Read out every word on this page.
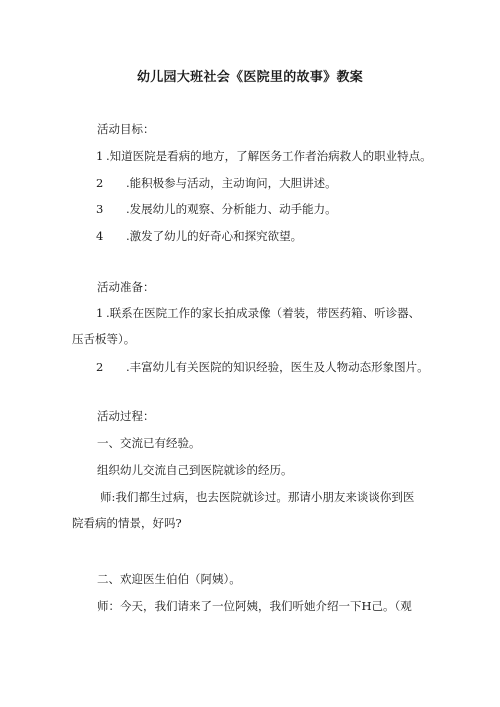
幼儿园大班社会《医院里的故事》教案
活动目标：
1 .知道医院是看病的地方，了解医务工作者治病救人的职业特点。
2 .能积极参与活动，主动询问，大胆讲述。
3 .发展幼儿的观察、分析能力、动手能力。
4 .激发了幼儿的好奇心和探究欲望。
活动准备：
1 .联系在医院工作的家长拍成录像（着装，带医药箱、听诊器、压舌板等）。
2 .丰富幼儿有关医院的知识经验，医生及人物动态形象图片。
活动过程：
一、交流已有经验。
组织幼儿交流自己到医院就诊的经历。
师:我们都生过病，也去医院就诊过。那请小朋友来谈谈你到医院看病的情景，好吗?
二、欢迎医生伯伯（阿姨）。
师：今天，我们请来了一位阿姨，我们听她介绍一下H己。（观
